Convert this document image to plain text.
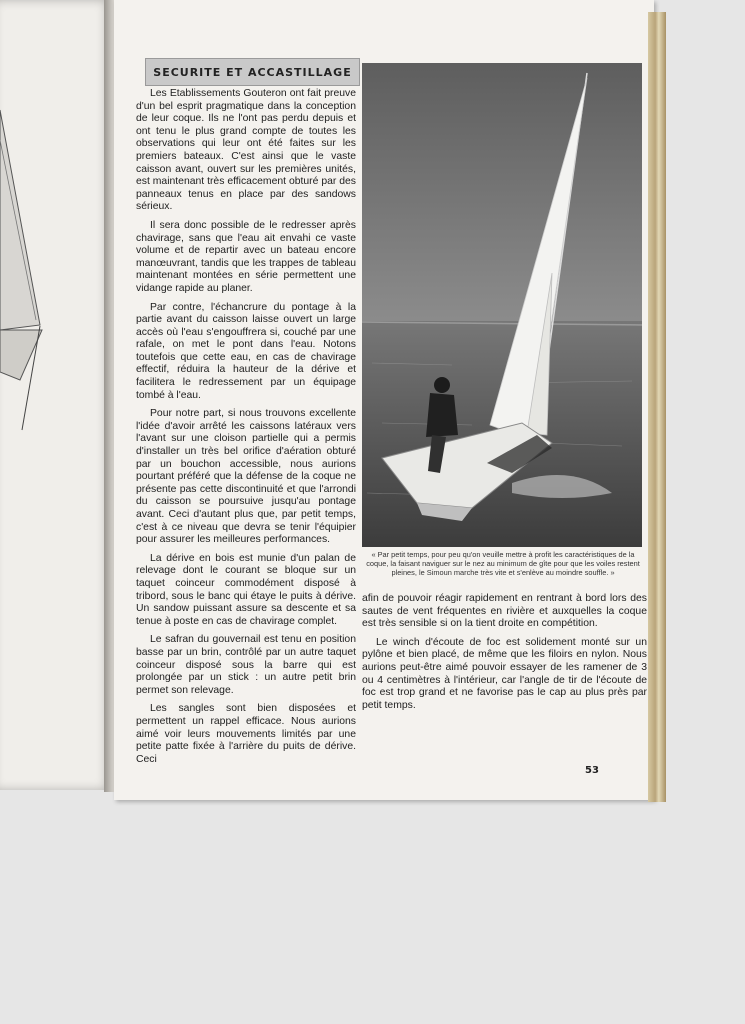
SECURITE ET ACCASTILLAGE

Les Etablissements Gouteron ont fait preuve d'un bel esprit pragmatique dans la conception de leur coque. Ils ne l'ont pas perdu depuis et ont tenu le plus grand compte de toutes les observations qui leur ont été faites sur les premiers bateaux. C'est ainsi que le vaste caisson avant, ouvert sur les premières unités, est maintenant très efficacement obturé par des panneaux tenus en place par des sandows sérieux.

Il sera donc possible de le redresser après chavirage, sans que l'eau ait envahi ce vaste volume et de repartir avec un bateau encore manœuvrant, tandis que les trappes de tableau maintenant montées en série permettent une vidange rapide au planer.

Par contre, l'échancrure du pontage à la partie avant du caisson laisse ouvert un large accès où l'eau s'engouffrera si, couché par une rafale, on met le pont dans l'eau. Notons toutefois que cette eau, en cas de chavirage effectif, réduira la hauteur de la dérive et facilitera le redressement par un équipage tombé à l'eau.

Pour notre part, si nous trouvons excellente l'idée d'avoir arrêté les caissons latéraux vers l'avant sur une cloison partielle qui a permis d'installer un très bel orifice d'aération obturé par un bouchon accessible, nous aurions pourtant préféré que la défense de la coque ne présente pas cette discontinuité et que l'arrondi du caisson se poursuive jusqu'au pontage avant. Ceci d'autant plus que, par petit temps, c'est à ce niveau que devra se tenir l'équipier pour assurer les meilleures performances.

La dérive en bois est munie d'un palan de relevage dont le courant se bloque sur un taquet coinceur commodément disposé à tribord, sous le banc qui étaye le puits à dérive. Un sandow puissant assure sa descente et sa tenue à poste en cas de chavirage complet.

Le safran du gouvernail est tenu en position basse par un brin, contrôlé par un autre taquet coinceur disposé sous la barre qui est prolongée par un stick : un autre petit brin permet son relevage.

Les sangles sont bien disposées et permettent un rappel efficace. Nous aurions aimé voir leurs mouvements limités par une petite patte fixée à l'arrière du puits de dérive. Ceci

« Par petit temps, pour peu qu'on veuille mettre à profit les caractéristiques de la coque, la faisant naviguer sur le nez au minimum de gîte pour que les voiles restent pleines, le Simoun marche très vite et s'enlève au moindre souffle. »

afin de pouvoir réagir rapidement en rentrant à bord lors des sautes de vent fréquentes en rivière et auxquelles la coque est très sensible si on la tient droite en compétition.

Le winch d'écoute de foc est solidement monté sur un pylône et bien placé, de même que les filoirs en nylon. Nous aurions peut-être aimé pouvoir essayer de les ramener de 3 ou 4 centimètres à l'intérieur, car l'angle de tir de l'écoute de foc est trop grand et ne favorise pas le cap au plus près par petit temps.

53
